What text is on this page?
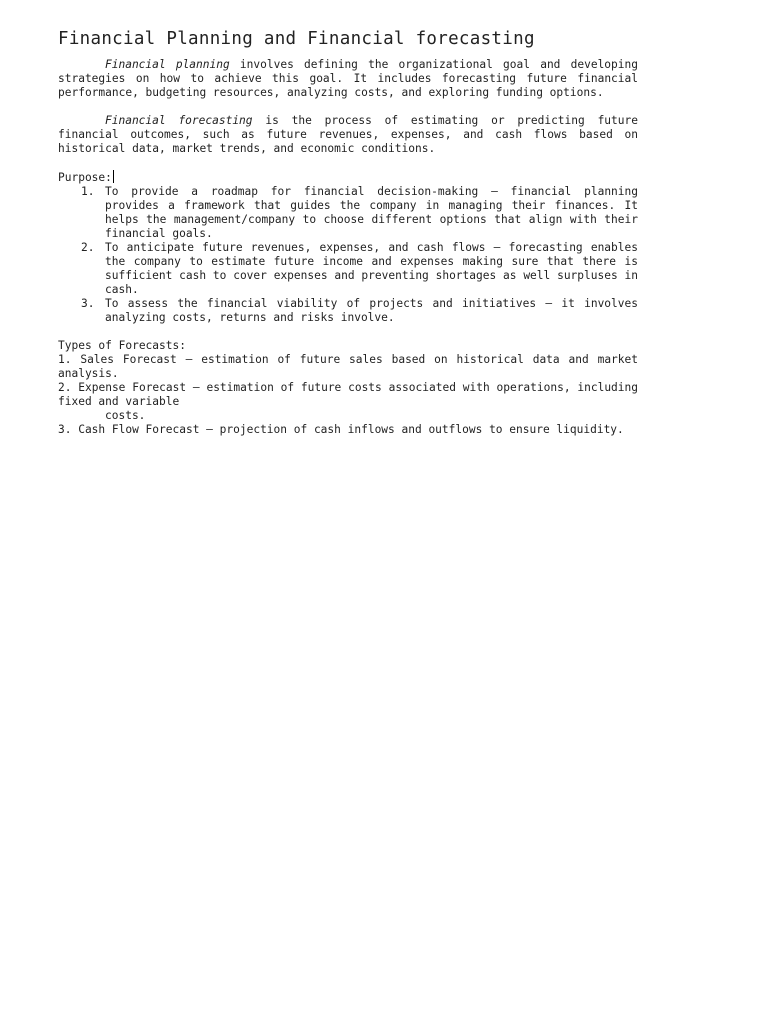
Financial Planning and Financial forecasting

Financial planning involves defining the organizational goal and developing strategies on how to achieve this goal. It includes forecasting future financial performance, budgeting resources, analyzing costs, and exploring funding options.

Financial forecasting is the process of estimating or predicting future financial outcomes, such as future revenues, expenses, and cash flows based on historical data, market trends, and economic conditions.

Purpose:

1. To provide a roadmap for financial decision-making – financial planning provides a framework that guides the company in managing their finances. It helps the management/company to choose different options that align with their financial goals.
2. To anticipate future revenues, expenses, and cash flows – forecasting enables the company to estimate future income and expenses making sure that there is sufficient cash to cover expenses and preventing shortages as well surpluses in cash.
3. To assess the financial viability of projects and initiatives – it involves analyzing costs, returns and risks involve.

Types of Forecasts:

1. Sales Forecast – estimation of future sales based on historical data and market analysis.

2. Expense Forecast – estimation of future costs associated with operations, including fixed and variable

costs.

3. Cash Flow Forecast – projection of cash inflows and outflows to ensure liquidity.
